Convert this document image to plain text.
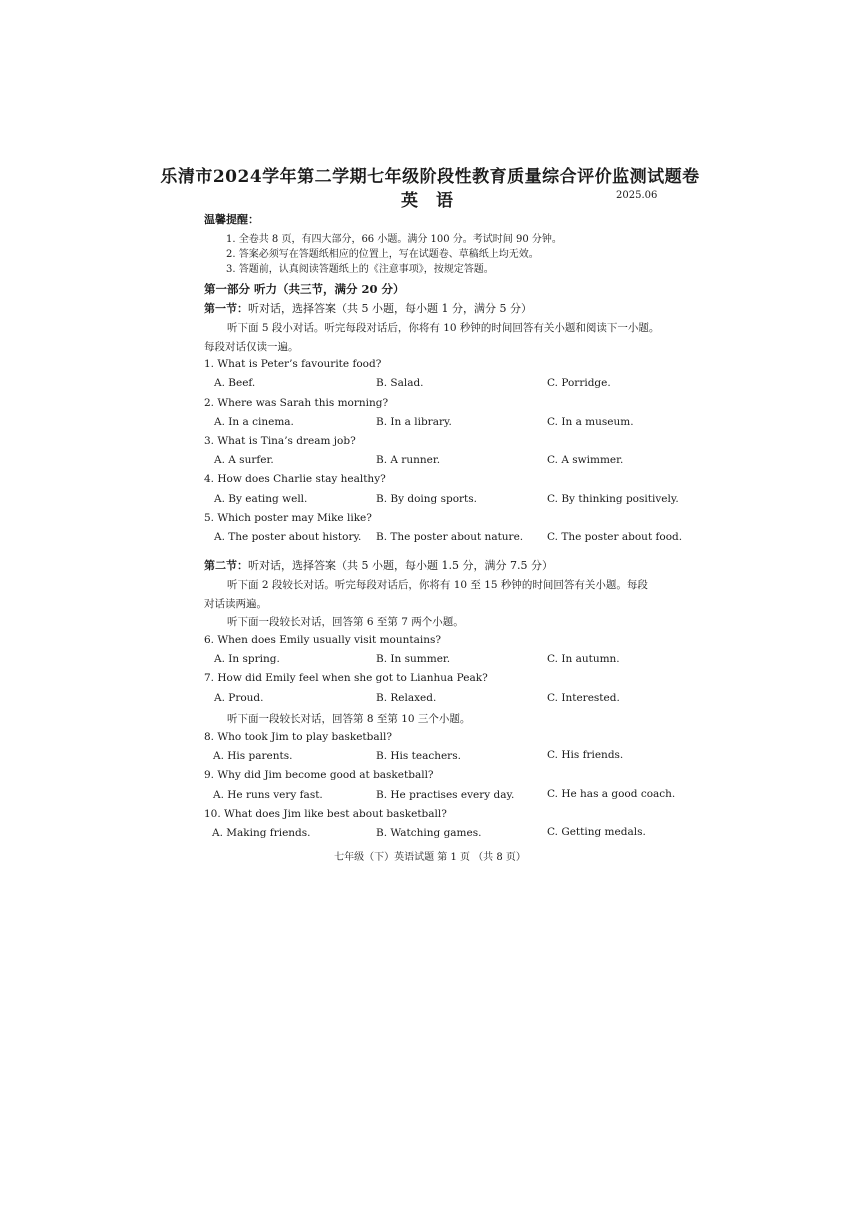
乐清市2024学年第二学期七年级阶段性教育质量综合评价监测试题卷
英 语	2025.06
温馨提醒：
1. 全卷共 8 页，有四大部分，66 小题。满分 100 分。考试时间 90 分钟。
2. 答案必须写在答题纸相应的位置上，写在试题卷、草稿纸上均无效。
3. 答题前，认真阅读答题纸上的《注意事项》，按规定答题。
第一部分 听力（共三节，满分 20 分）
第一节：听对话，选择答案（共 5 小题，每小题 1 分，满分 5 分）
听下面 5 段小对话。听完每段对话后，你将有 10 秒钟的时间回答有关小题和阅读下一小题。
每段对话仅读一遍。
1. What is Peter’s favourite food?
A. Beef.	B. Salad.	C. Porridge.
2. Where was Sarah this morning?
A. In a cinema.	B. In a library.	C. In a museum.
3. What is Tina’s dream job?
A. A surfer.	B. A runner.	C. A swimmer.
4. How does Charlie stay healthy?
A. By eating well.	B. By doing sports.	C. By thinking positively.
5. Which poster may Mike like?
A. The poster about history. B. The poster about nature. C. The poster about food.
第二节：听对话，选择答案（共 5 小题，每小题 1.5 分，满分 7.5 分）
听下面 2 段较长对话。听完每段对话后，你将有 10 至 15 秒钟的时间回答有关小题。每段
对话读两遍。
听下面一段较长对话，回答第 6 至第 7 两个小题。
6. When does Emily usually visit mountains?
A. In spring.	B. In summer.	C. In autumn.
7. How did Emily feel when she got to Lianhua Peak?
A. Proud.	B. Relaxed.	C. Interested.
听下面一段较长对话，回答第 8 至第 10 三个小题。
8. Who took Jim to play basketball?
A. His parents.	B. His teachers.	C. His friends.
9. Why did Jim become good at basketball?
A. He runs very fast.	B. He practises every day.	C. He has a good coach.
10. What does Jim like best about basketball?
A. Making friends.	B. Watching games.	C. Getting medals.
七年级（下）英语试题 第 1 页 （共 8 页）
